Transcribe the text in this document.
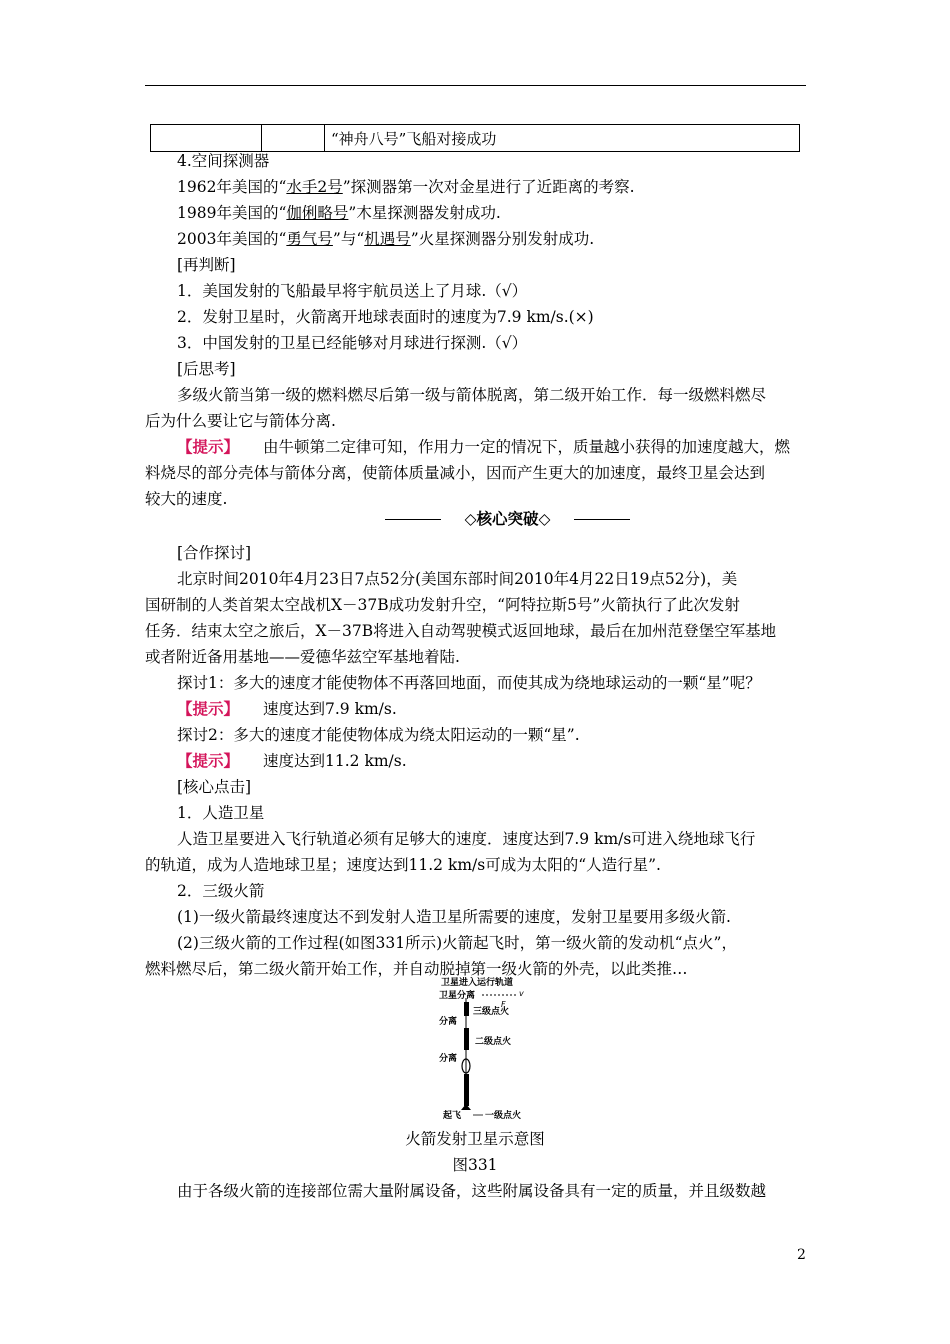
		“神舟八号”飞船对接成功
4.空间探测器
1962年美国的“水手2号”探测器第一次对金星进行了近距离的考察.
1989年美国的“伽俐略号”木星探测器发射成功.
2003年美国的“勇气号”与“机遇号”火星探测器分别发射成功.
[再判断]
1．美国发射的飞船最早将宇航员送上了月球.（√）
2．发射卫星时，火箭离开地球表面时的速度为7.9 km/s.(×)
3．中国发射的卫星已经能够对月球进行探测.（√）
[后思考]
多级火箭当第一级的燃料燃尽后第一级与箭体脱离，第二级开始工作．每一级燃料燃尽
后为什么要让它与箭体分离.
【提示】 由牛顿第二定律可知，作用力一定的情况下，质量越小获得的加速度越大，燃
料烧尽的部分壳体与箭体分离，使箭体质量减小，因而产生更大的加速度，最终卫星会达到
较大的速度.
◇核心突破◇
[合作探讨]
北京时间2010年4月23日7点52分(美国东部时间2010年4月22日19点52分)，美
国研制的人类首架太空战机X－37B成功发射升空，“阿特拉斯5号”火箭执行了此次发射
任务．结束太空之旅后，X－37B将进入自动驾驶模式返回地球，最后在加州范登堡空军基地
或者附近备用基地——爱德华兹空军基地着陆.
探讨1：多大的速度才能使物体不再落回地面，而使其成为绕地球运动的一颗“星”呢？
【提示】 速度达到7.9 km/s.
探讨2：多大的速度才能使物体成为绕太阳运动的一颗“星”.
【提示】 速度达到11.2 km/s.
[核心点击]
1．人造卫星
人造卫星要进入飞行轨道必须有足够大的速度．速度达到7.9 km/s可进入绕地球飞行
的轨道，成为人造地球卫星；速度达到11.2 km/s可成为太阳的“人造行星”.
2．三级火箭
(1)一级火箭最终速度达不到发射人造卫星所需要的速度，发射卫星要用多级火箭.
(2)三级火箭的工作过程(如图331所示)火箭起飞时，第一级火箭的发动机“点火”，
燃料燃尽后，第二级火箭开始工作，并自动脱掉第一级火箭的外壳，以此类推…
卫星进入运行轨道
卫星分离	v
F
三级点火
分离
二级点火
分离
起飞	一级点火
火箭发射卫星示意图
图331
由于各级火箭的连接部位需大量附属设备，这些附属设备具有一定的质量，并且级数越
2
